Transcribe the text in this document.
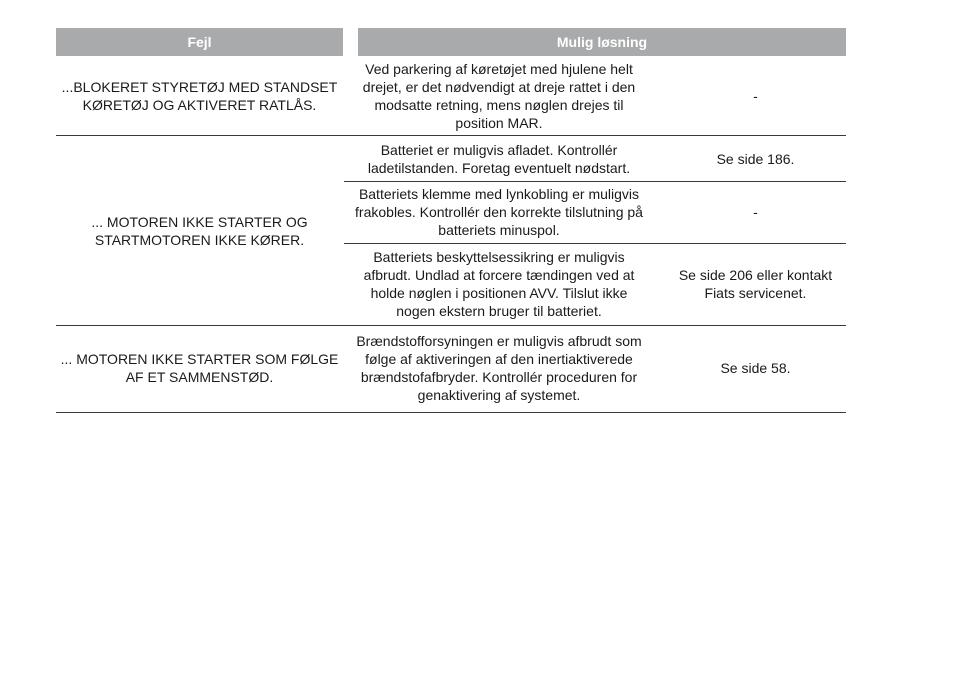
Fejl	Mulig løsning
...BLOKERET STYRETØJ MED STANDSET
KØRETØJ OG AKTIVERET RATLÅS.
Ved parkering af køretøjet med hjulene helt
drejet, er det nødvendigt at dreje rattet i den
modsatte retning, mens nøglen drejes til
position MAR.
-
... MOTOREN IKKE STARTER OG
STARTMOTOREN IKKE KØRER.
Batteriet er muligvis afladet. Kontrollér
ladetilstanden. Foretag eventuelt nødstart.
Se side 186.
Batteriets klemme med lynkobling er muligvis
frakobles. Kontrollér den korrekte tilslutning på
batteriets minuspol.
-
Batteriets beskyttelsessikring er muligvis
afbrudt. Undlad at forcere tændingen ved at
holde nøglen i positionen AVV. Tilslut ikke
nogen ekstern bruger til batteriet.
Se side 206 eller kontakt
Fiats servicenet.
... MOTOREN IKKE STARTER SOM FØLGE
AF ET SAMMENSTØD.
Brændstofforsyningen er muligvis afbrudt som
følge af aktiveringen af den inertiaktiverede
brændstofafbryder. Kontrollér proceduren for
genaktivering af systemet.
Se side 58.
